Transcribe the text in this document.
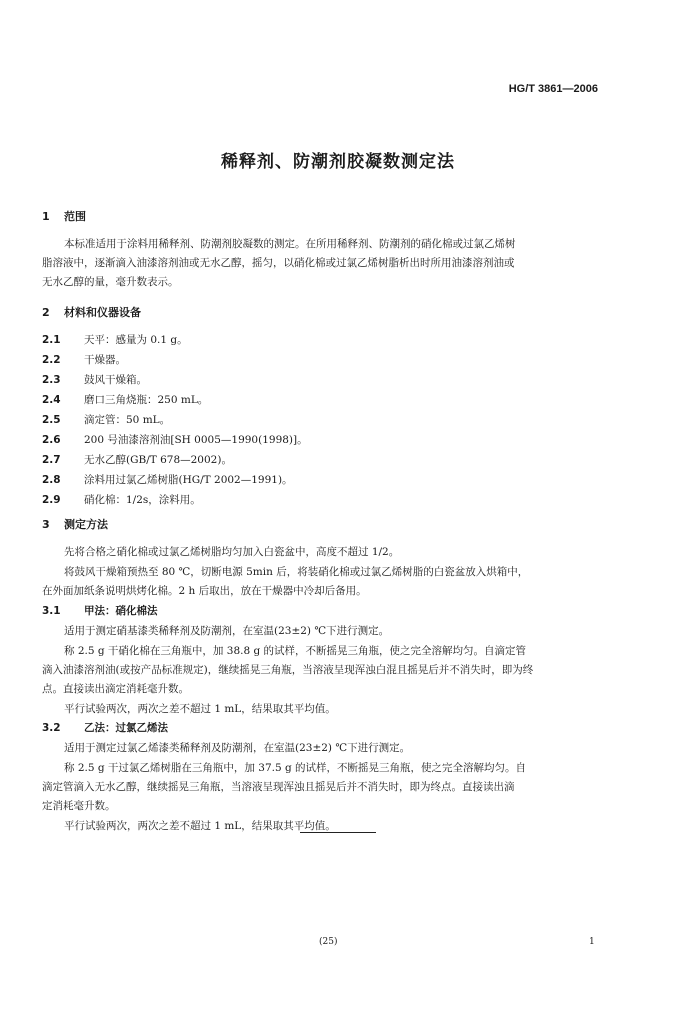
HG/T 3861—2006
稀释剂、防潮剂胶凝数测定法
1 范围
本标准适用于涂料用稀释剂、防潮剂胶凝数的测定。在所用稀释剂、防潮剂的硝化棉或过氯乙烯树
脂溶液中，逐渐滴入油漆溶剂油或无水乙醇，摇匀，以硝化棉或过氯乙烯树脂析出时所用油漆溶剂油或
无水乙醇的量，毫升数表示。
2 材料和仪器设备
2.1 天平：感量为 0.1 g。
2.2 干燥器。
2.3 鼓风干燥箱。
2.4 磨口三角烧瓶：250 mL。
2.5 滴定管：50 mL。
2.6 200 号油漆溶剂油[SH 0005—1990(1998)]。
2.7 无水乙醇(GB/T 678—2002)。
2.8 涂料用过氯乙烯树脂(HG/T 2002—1991)。
2.9 硝化棉：1/2s，涂料用。
3 测定方法
先将合格之硝化棉或过氯乙烯树脂均匀加入白瓷盆中，高度不超过 1/2。
将鼓风干燥箱预热至 80 ℃，切断电源 5min 后，将装硝化棉或过氯乙烯树脂的白瓷盆放入烘箱中，
在外面加纸条说明烘烤化棉。2 h 后取出，放在干燥器中冷却后备用。
3.1 甲法：硝化棉法
适用于测定硝基漆类稀释剂及防潮剂，在室温(23±2) ℃下进行测定。
称 2.5 g 干硝化棉在三角瓶中，加 38.8 g 的试样，不断摇晃三角瓶，使之完全溶解均匀。自滴定管
滴入油漆溶剂油(或按产品标准规定)，继续摇晃三角瓶，当溶液呈现浑浊白混且摇晃后并不消失时，即为终
点。直接读出滴定消耗毫升数。
平行试验两次，两次之差不超过 1 mL，结果取其平均值。
3.2 乙法：过氯乙烯法
适用于测定过氯乙烯漆类稀释剂及防潮剂，在室温(23±2) ℃下进行测定。
称 2.5 g 干过氯乙烯树脂在三角瓶中，加 37.5 g 的试样，不断摇晃三角瓶，使之完全溶解均匀。自
滴定管滴入无水乙醇，继续摇晃三角瓶，当溶液呈现浑浊且摇晃后并不消失时，即为终点。直接读出滴
定消耗毫升数。
平行试验两次，两次之差不超过 1 mL，结果取其平均值。
(25)	1
